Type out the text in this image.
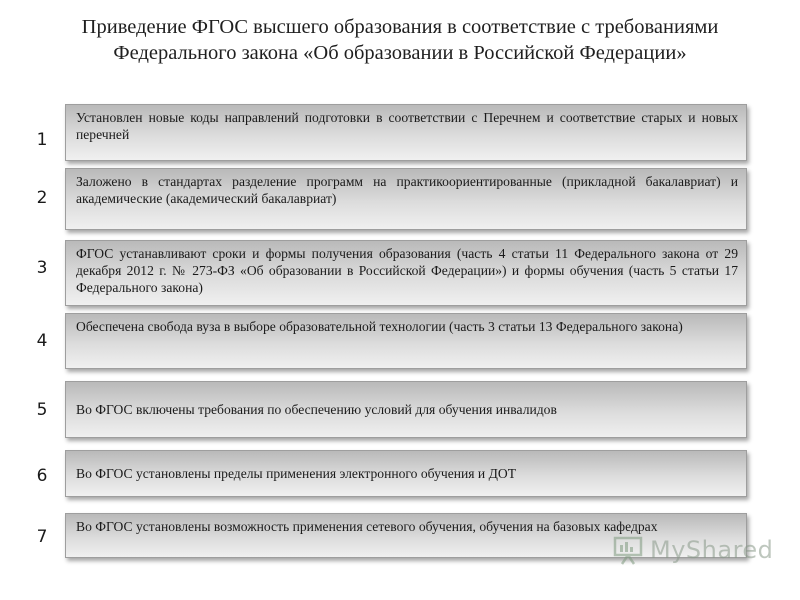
Приведение ФГОС высшего образования в соответствие с требованиями
Федерального закона «Об образовании в Российской Федерации»
1
Установлен новые коды направлений подготовки в соответствии с Перечнем и соответствие старых и новых перечней
2
Заложено в стандартах разделение программ на практикоориентированные (прикладной бакалавриат) и академические (академический бакалавриат)
3
ФГОС устанавливают сроки и формы получения образования (часть 4 статьи 11 Федерального закона от 29 декабря 2012 г. № 273-ФЗ «Об образовании в Российской Федерации») и формы обучения (часть 5 статьи 17 Федерального закона)
4
Обеспечена свобода вуза в выборе образовательной технологии (часть 3 статьи 13 Федерального закона)
5	Во ФГОС включены требования по обеспечению условий для обучения инвалидов
6	Во ФГОС установлены пределы применения электронного обучения и ДОТ
7
Во ФГОС установлены возможность применения сетевого обучения, обучения на базовых кафедрах
MyShared
